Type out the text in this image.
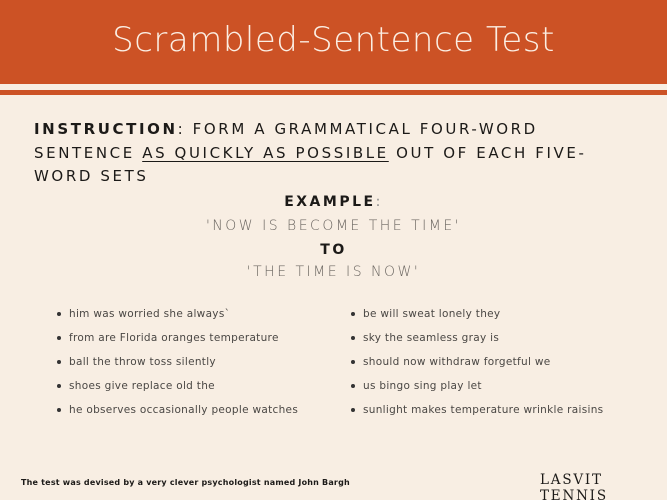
Scrambled-Sentence Test
INSTRUCTION: FORM A GRAMMATICAL FOUR-WORD SENTENCE AS QUICKLY AS POSSIBLE OUT OF EACH FIVE-WORD SETS
EXAMPLE:
'NOW IS BECOME THE TIME'
TO
'THE TIME IS NOW'
him was worried she always`
from are Florida oranges temperature
ball the throw toss silently
shoes give replace old the
he observes occasionally people watches
be will sweat lonely they
sky the seamless gray is
should now withdraw forgetful we
us bingo sing play let
sunlight makes temperature wrinkle raisins
The test was devised by a very clever psychologist named John Bargh	LASVIT TENNIS
